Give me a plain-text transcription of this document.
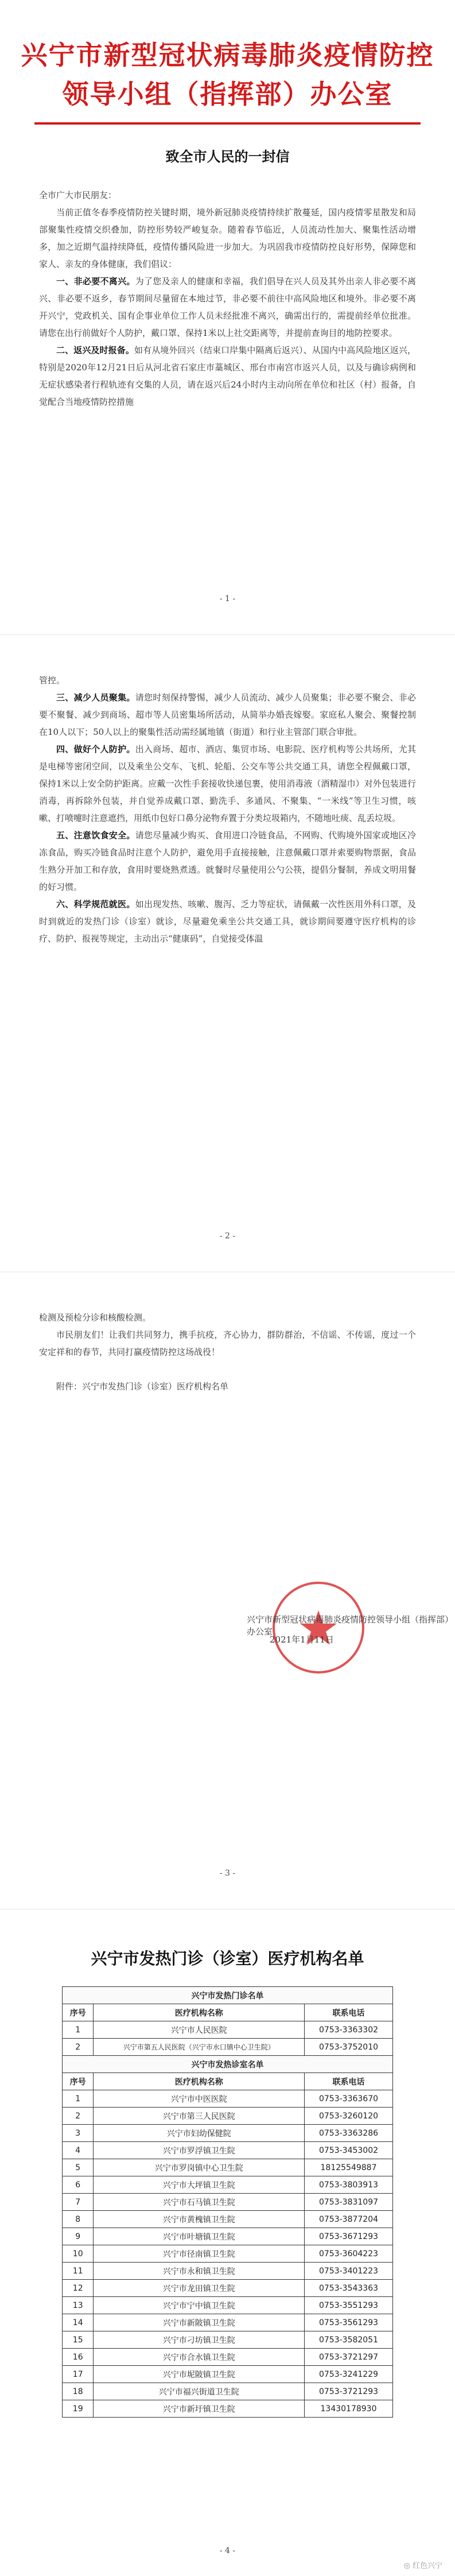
兴宁市新型冠状病毒肺炎疫情防控
领导小组（指挥部）办公室
致全市人民的一封信

全市广大市民朋友：

当前正值冬春季疫情防控关键时期，境外新冠肺炎疫情持续扩散蔓延，国内疫情零星散发和局部聚集性疫情交织叠加，防控形势较严峻复杂。随着春节临近，人员流动性加大、聚集性活动增多，加之近期气温持续降低，疫情传播风险进一步加大。为巩固我市疫情防控良好形势，保障您和家人、亲友的身体健康，我们倡议：

一、非必要不离兴。为了您及亲人的健康和幸福，我们倡导在兴人员及其外出亲人非必要不离兴、非必要不返乡，春节期间尽量留在本地过节，非必要不前往中高风险地区和境外。非必要不离开兴宁，党政机关、国有企事业单位工作人员未经批准不离兴，确需出行的，需提前经单位批准。请您在出行前做好个人防护，戴口罩、保持1米以上社交距离等，并提前查询目的地防控要求。

二、返兴及时报备。如有从境外回兴（结束口岸集中隔离后返兴）、从国内中高风险地区返兴，特别是2020年12月21日后从河北省石家庄市藁城区、邢台市南宫市返兴人员，以及与确诊病例和无症状感染者行程轨迹有交集的人员，请在返兴后24小时内主动向所在单位和社区（村）报备，自觉配合当地疫情防控措施

- 1 -

管控。

三、减少人员聚集。请您时刻保持警惕，减少人员流动、减少人员聚集；非必要不聚会、非必要不聚餐、减少到商场、超市等人员密集场所活动，从简举办婚丧嫁娶。家庭私人聚会、聚餐控制在10人以下；50人以上的聚集性活动需经属地镇（街道）和行业主管部门联合审批。

四、做好个人防护。出入商场、超市、酒店、集贸市场、电影院、医疗机构等公共场所，尤其是电梯等密闭空间，以及乘坐公交车、飞机、轮船、公交车等公共交通工具，请您全程佩戴口罩，保持1米以上安全防护距离。应戴一次性手套接收快递包裹，使用消毒液（酒精湿巾）对外包装进行消毒，再拆除外包装，并自觉养成戴口罩、勤洗手、多通风、不聚集、“一米线”等卫生习惯，咳嗽、打喷嚏时注意遮挡，用纸巾包好口鼻分泌物弃置于分类垃圾箱内，不随地吐痰、乱丢垃圾。

五、注意饮食安全。请您尽量减少购买、食用进口冷链食品，不网购、代购境外国家或地区冷冻食品，购买冷链食品时注意个人防护，避免用手直接接触，注意佩戴口罩并索要购物票据，食品生熟分开加工和存放，食用时要烧熟煮透。就餐时尽量使用公勺公筷，提倡分餐制，养成文明用餐的好习惯。

六、科学规范就医。如出现发热、咳嗽、腹泻、乏力等症状，请佩戴一次性医用外科口罩，及时到就近的发热门诊（诊室）就诊，尽量避免乘坐公共交通工具，就诊期间要遵守医疗机构的诊疗、防护、报视等规定，主动出示“健康码”，自觉接受体温

- 2 -

检测及预检分诊和核酸检测。

市民朋友们！让我们共同努力，携手抗疫，齐心协力，群防群治，不信谣、不传谣，度过一个安定祥和的春节，共同打赢疫情防控这场战役！

附件：兴宁市发热门诊（诊室）医疗机构名单

兴宁市新型冠状病毒肺炎疫情防控领导小组（指挥部）办公室
2021年1月11日
- 3 -
兴宁市发热门诊（诊室）医疗机构名单
兴宁市发热门诊名单		
序号	医疗机构名称	联系电话
1	兴宁市人民医院	0753-3363302
2	兴宁市第五人民医院（兴宁市水口镇中心卫生院）	0753-3752010
兴宁市发热诊室名单		
序号	医疗机构名称	联系电话
1	兴宁市中医医院	0753-3363670
2	兴宁市第三人民医院	0753-3260120
3	兴宁市妇幼保健院	0753-3363286
4	兴宁市罗浮镇卫生院	0753-3453002
5	兴宁市罗岗镇中心卫生院	18125549887
6	兴宁市大坪镇卫生院	0753-3803913
7	兴宁市石马镇卫生院	0753-3831097
8	兴宁市黄槐镇卫生院	0753-3877204
9	兴宁市叶塘镇卫生院	0753-3671293
10	兴宁市径南镇卫生院	0753-3604223
11	兴宁市永和镇卫生院	0753-3401223
12	兴宁市龙田镇卫生院	0753-3543363
13	兴宁市宁中镇卫生院	0753-3551293
14	兴宁市新陂镇卫生院	0753-3561293
15	兴宁市刁坊镇卫生院	0753-3582051
16	兴宁市合水镇卫生院	0753-3721297
17	兴宁市坭陂镇卫生院	0753-3241229
18	兴宁市福兴街道卫生院	0753-3721293
19	兴宁市新圩镇卫生院	13430178930
- 4 -
◎ 红色兴宁
